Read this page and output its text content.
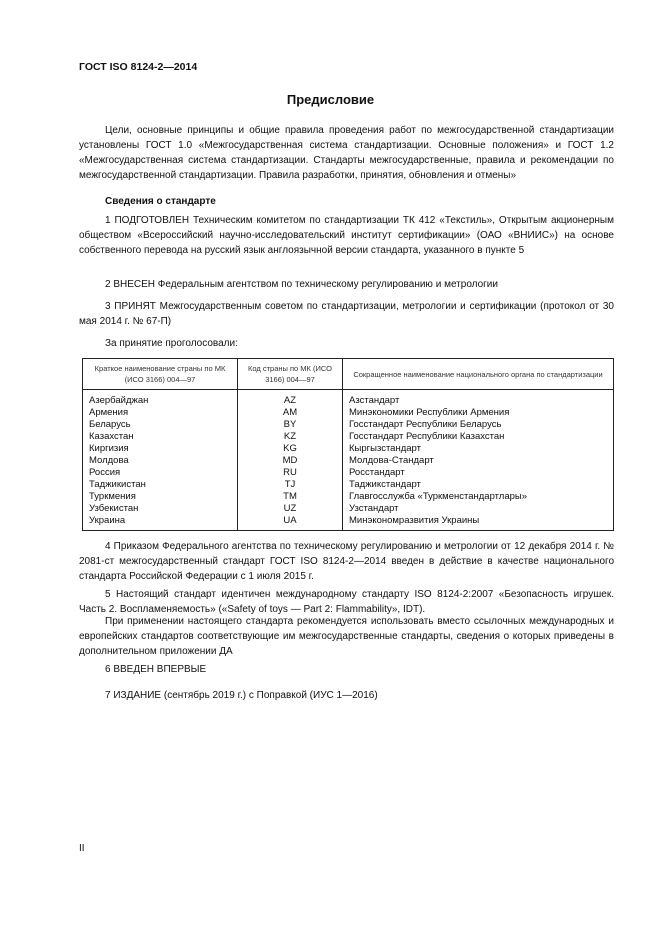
ГОСТ ISO 8124-2—2014
Предисловие
Цели, основные принципы и общие правила проведения работ по межгосударственной стандартизации установлены ГОСТ 1.0 «Межгосударственная система стандартизации. Основные положения» и ГОСТ 1.2 «Межгосударственная система стандартизации. Стандарты межгосударственные, правила и рекомендации по межгосударственной стандартизации. Правила разработки, принятия, обновления и отмены»
Сведения о стандарте
1 ПОДГОТОВЛЕН Техническим комитетом по стандартизации ТК 412 «Текстиль», Открытым акционерным обществом «Всероссийский научно-исследовательский институт сертификации» (ОАО «ВНИИС») на основе собственного перевода на русский язык англоязычной версии стандарта, указанного в пункте 5
2 ВНЕСЕН Федеральным агентством по техническому регулированию и метрологии
3 ПРИНЯТ Межгосударственным советом по стандартизации, метрологии и сертификации (протокол от 30 мая 2014 г. № 67-П)
За принятие проголосовали:
Краткое наименование страны по МК (ИСО 3166) 004—97	Код страны по МК (ИСО 3166) 004—97	Сокращенное наименование национального органа по стандартизации
Азербайджан	AZ	Азстандарт
Армения	AM	Минэкономики Республики Армения
Беларусь	BY	Госстандарт Республики Беларусь
Казахстан	KZ	Госстандарт Республики Казахстан
Киргизия	KG	Кыргызстандарт
Молдова	MD	Молдова-Стандарт
Россия	RU	Росстандарт
Таджикистан	TJ	Таджикстандарт
Туркмения	TM	Главгосслужба «Туркменстандартлары»
Узбекистан	UZ	Узстандарт
Украина	UA	Минэкономразвития Украины
4 Приказом Федерального агентства по техническому регулированию и метрологии от 12 декабря 2014 г. № 2081-ст межгосударственный стандарт ГОСТ ISO 8124-2—2014 введен в действие в качестве национального стандарта Российской Федерации с 1 июля 2015 г.
5 Настоящий стандарт идентичен международному стандарту ISO 8124-2:2007 «Безопасность игрушек. Часть 2. Воспламеняемость» («Safety of toys — Part 2: Flammability», IDT).
При применении настоящего стандарта рекомендуется использовать вместо ссылочных международных и европейских стандартов соответствующие им межгосударственные стандарты, сведения о которых приведены в дополнительном приложении ДА
6 ВВЕДЕН ВПЕРВЫЕ
7 ИЗДАНИЕ (сентябрь 2019 г.) с Поправкой (ИУС 1—2016)
II
